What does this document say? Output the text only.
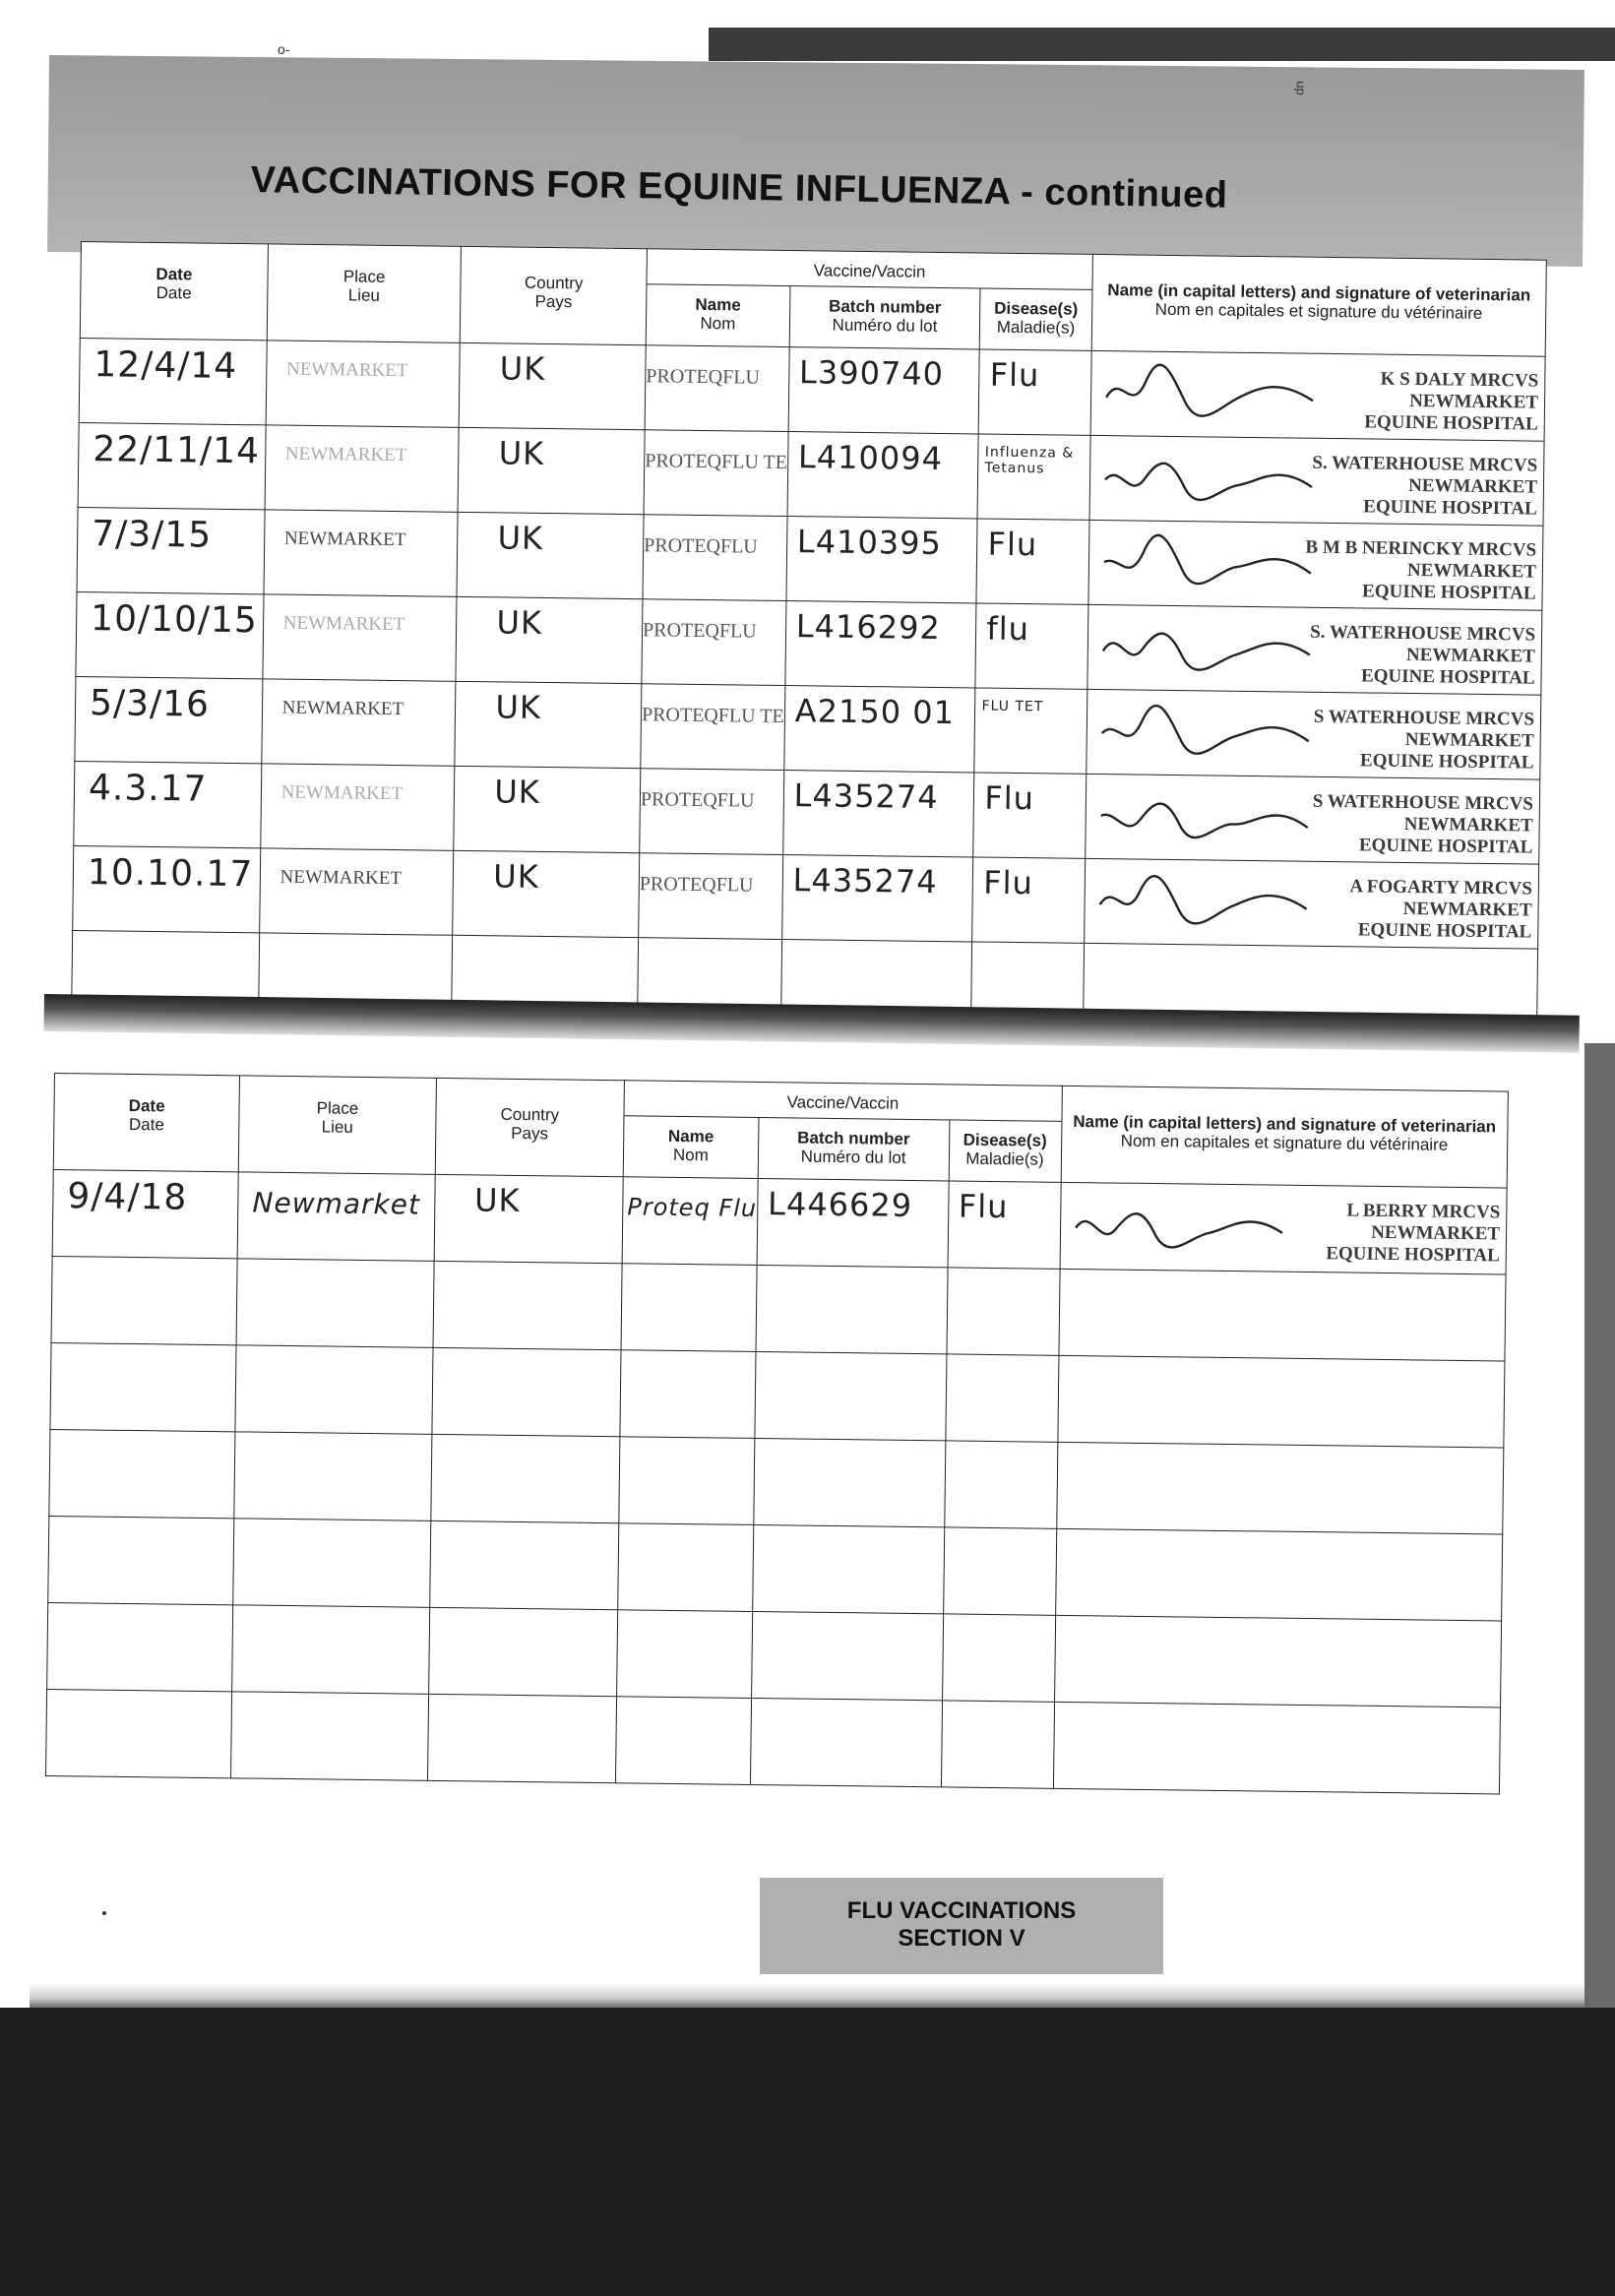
o-
up
VACCINATIONS FOR EQUINE INFLUENZA - continued
Date
Date	Place
Lieu	Country
Pays	Vaccine/Vaccin			Name (in capital letters) and signature of veterinarian
Nom en capitales et signature du vétérinaire

			Name
Nom	Batch number
Numéro du lot	Disease(s)
Maladie(s)	

12/4/14	NEWMARKET	UK	PROTEQFLU	L390740	Flu	K S DALY MRCVS
NEWMARKET
EQUINE HOSPITAL

22/11/14	NEWMARKET	UK	PROTEQFLU TE	L410094	Influenza & Tetanus	S. WATERHOUSE MRCVS
NEWMARKET
EQUINE HOSPITAL

7/3/15	NEWMARKET	UK	PROTEQFLU	L410395	Flu	B M B NERINCKY MRCVS
NEWMARKET
EQUINE HOSPITAL

10/10/15	NEWMARKET	UK	PROTEQFLU	L416292	flu	S. WATERHOUSE MRCVS
NEWMARKET
EQUINE HOSPITAL

5/3/16	NEWMARKET	UK	PROTEQFLU TE	A2150 01	FLU TET	S WATERHOUSE MRCVS
NEWMARKET
EQUINE HOSPITAL

4.3.17	NEWMARKET	UK	PROTEQFLU	L435274	Flu	S WATERHOUSE MRCVS
NEWMARKET
EQUINE HOSPITAL

10.10.17	NEWMARKET	UK	PROTEQFLU	L435274	Flu	A FOGARTY MRCVS
NEWMARKET
EQUINE HOSPITAL

Date
Date	Place
Lieu	Country
Pays	Vaccine/Vaccin			Name (in capital letters) and signature of veterinarian
Nom en capitales et signature du vétérinaire

			Name
Nom	Batch number
Numéro du lot	Disease(s)
Maladie(s)	

9/4/18	Newmarket	UK	Proteq Flu	L446629	Flu	L BERRY MRCVS
NEWMARKET
EQUINE HOSPITAL

FLU VACCINATIONS
SECTION V
